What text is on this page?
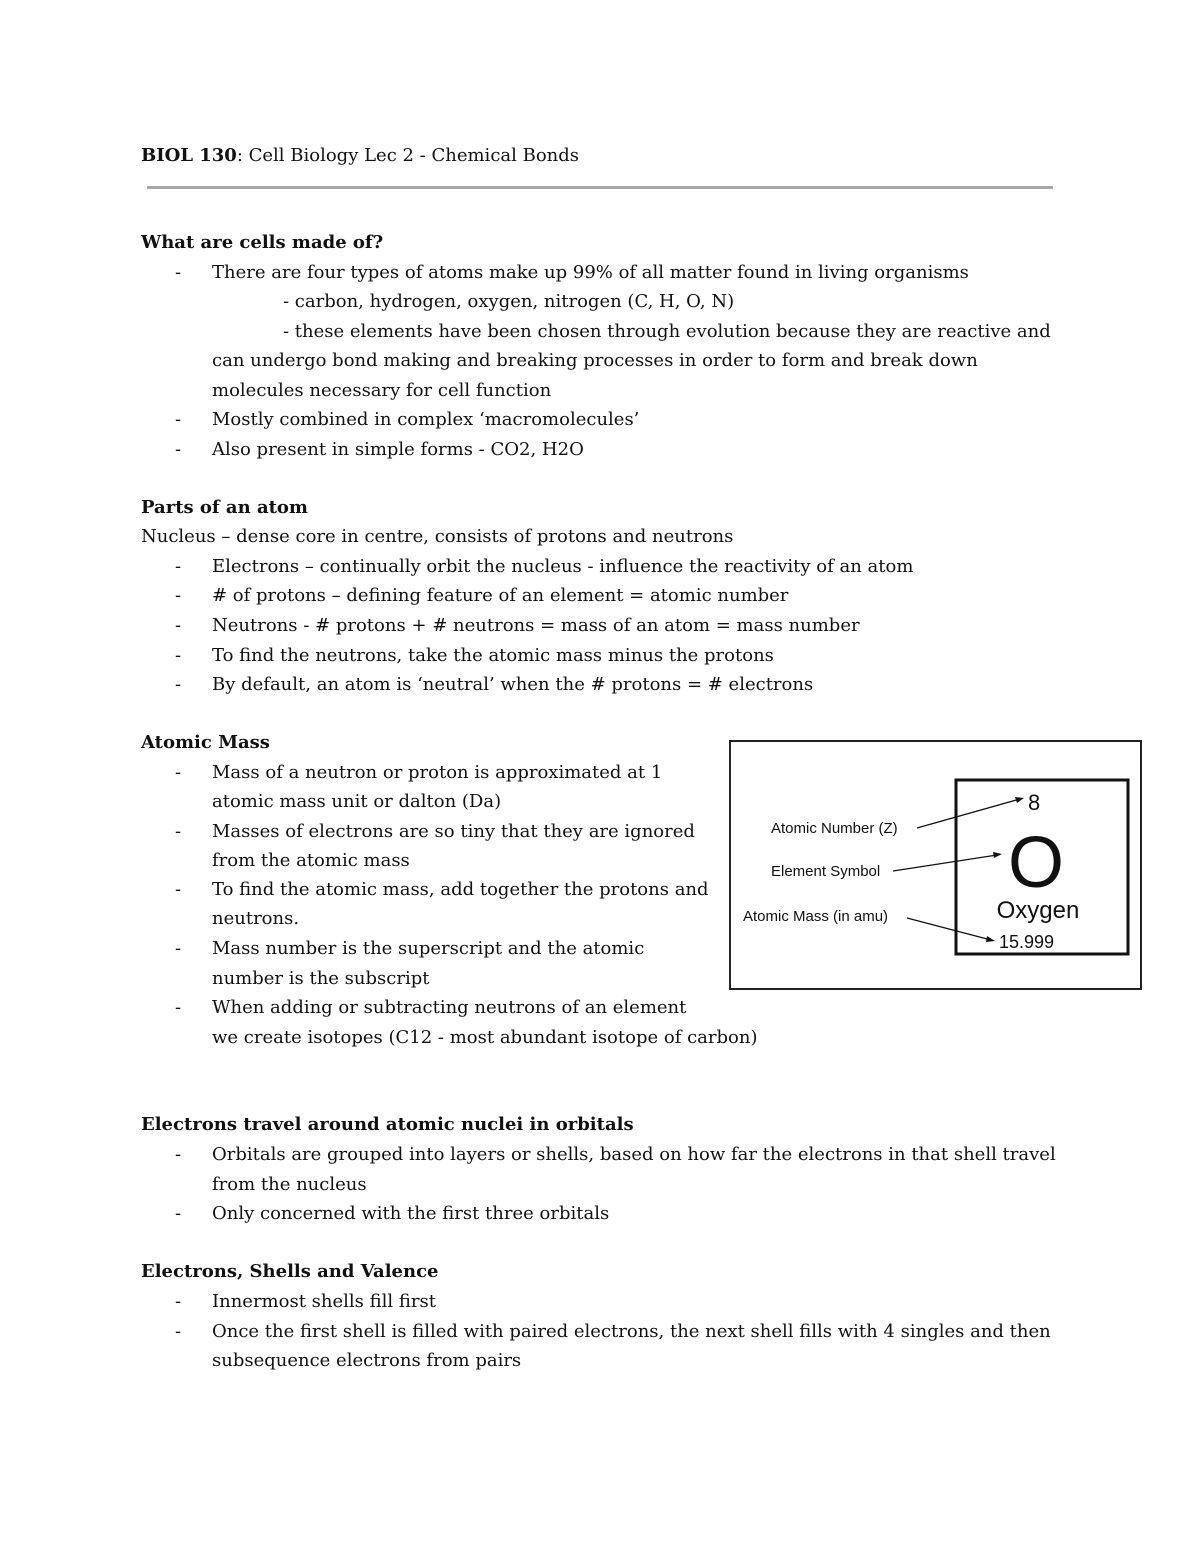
BIOL 130: Cell Biology Lec 2 - Chemical Bonds
What are cells made of?
- There are four types of atoms make up 99% of all matter found in living organisms
- carbon, hydrogen, oxygen, nitrogen (C, H, O, N)
- these elements have been chosen through evolution because they are reactive and
can undergo bond making and breaking processes in order to form and break down
molecules necessary for cell function
- Mostly combined in complex ‘macromolecules’
- Also present in simple forms - CO2, H2O
Parts of an atom
Nucleus – dense core in centre, consists of protons and neutrons
- Electrons – continually orbit the nucleus - influence the reactivity of an atom
- # of protons – defining feature of an element = atomic number
- Neutrons - # protons + # neutrons = mass of an atom = mass number
- To find the neutrons, take the atomic mass minus the protons
- By default, an atom is ‘neutral’ when the # protons = # electrons
Atomic Mass
- Mass of a neutron or proton is approximated at 1
atomic mass unit or dalton (Da)
- Masses of electrons are so tiny that they are ignored
from the atomic mass
- To find the atomic mass, add together the protons and
neutrons.
- Mass number is the superscript and the atomic
number is the subscript
- When adding or subtracting neutrons of an element
we create isotopes (C12 - most abundant isotope of carbon)
Atomic Number (Z)
Element Symbol
Atomic Mass (in amu)
8
O
Oxygen
15.999
Electrons travel around atomic nuclei in orbitals
- Orbitals are grouped into layers or shells, based on how far the electrons in that shell travel
from the nucleus
- Only concerned with the first three orbitals
Electrons, Shells and Valence
- Innermost shells fill first
- Once the first shell is filled with paired electrons, the next shell fills with 4 singles and then
subsequence electrons from pairs
